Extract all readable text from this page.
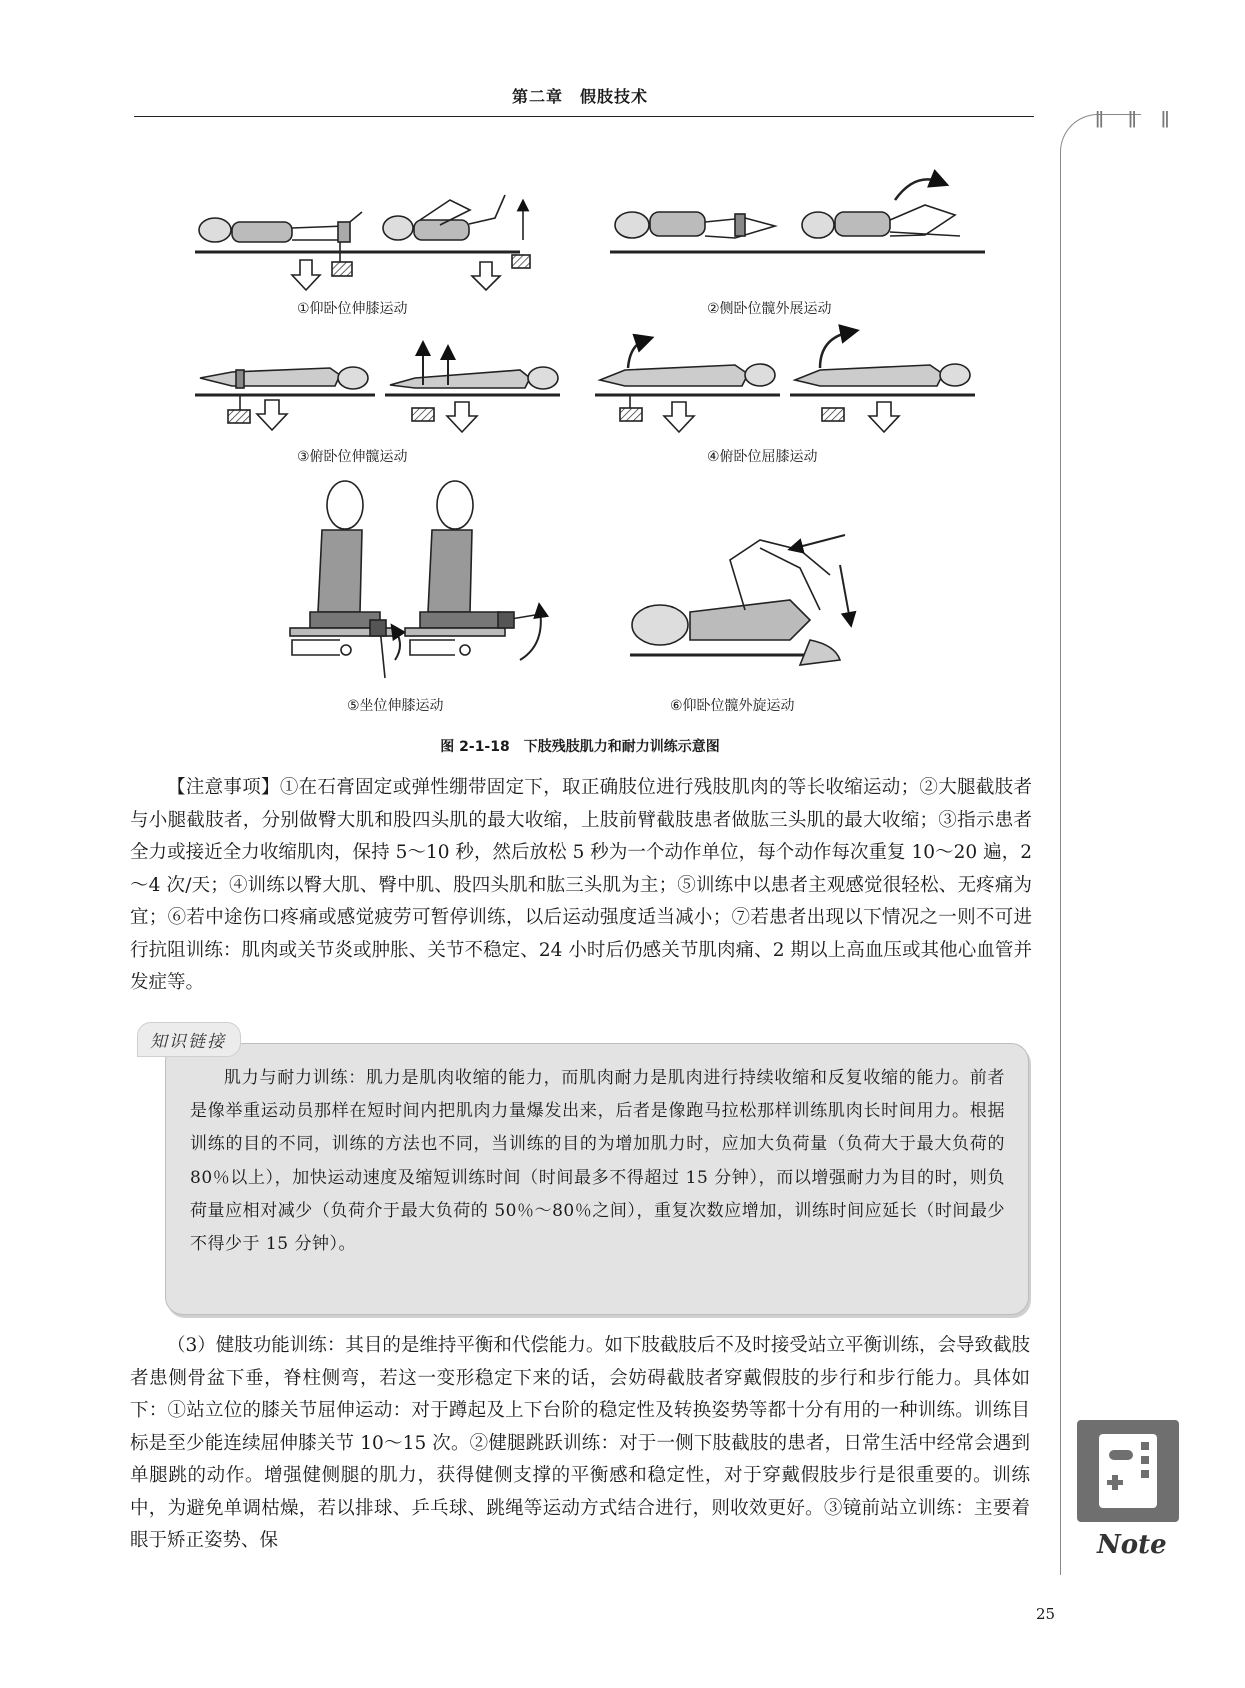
第二章　假肢技术
ǁ　ǁ　ǁ
①仰卧位伸膝运动	②侧卧位髋外展运动
③俯卧位伸髋运动	④俯卧位屈膝运动
⑤坐位伸膝运动	⑥仰卧位髋外旋运动
图 2-1-18　下肢残肢肌力和耐力训练示意图

【注意事项】①在石膏固定或弹性绷带固定下，取正确肢位进行残肢肌肉的等长收缩运动；②大腿截肢者与小腿截肢者，分别做臀大肌和股四头肌的最大收缩，上肢前臂截肢患者做肱三头肌的最大收缩；③指示患者全力或接近全力收缩肌肉，保持 5～10 秒，然后放松 5 秒为一个动作单位，每个动作每次重复 10～20 遍，2～4 次/天；④训练以臀大肌、臀中肌、股四头肌和肱三头肌为主；⑤训练中以患者主观感觉很轻松、无疼痛为宜；⑥若中途伤口疼痛或感觉疲劳可暂停训练，以后运动强度适当减小；⑦若患者出现以下情况之一则不可进行抗阻训练：肌肉或关节炎或肿胀、关节不稳定、24 小时后仍感关节肌肉痛、2 期以上高血压或其他心血管并发症等。

知识链接

肌力与耐力训练：肌力是肌肉收缩的能力，而肌肉耐力是肌肉进行持续收缩和反复收缩的能力。前者是像举重运动员那样在短时间内把肌肉力量爆发出来，后者是像跑马拉松那样训练肌肉长时间用力。根据训练的目的不同，训练的方法也不同，当训练的目的为增加肌力时，应加大负荷量（负荷大于最大负荷的 80％以上），加快运动速度及缩短训练时间（时间最多不得超过 15 分钟），而以增强耐力为目的时，则负荷量应相对减少（负荷介于最大负荷的 50％～80％之间），重复次数应增加，训练时间应延长（时间最少不得少于 15 分钟）。

（3）健肢功能训练：其目的是维持平衡和代偿能力。如下肢截肢后不及时接受站立平衡训练，会导致截肢者患侧骨盆下垂，脊柱侧弯，若这一变形稳定下来的话，会妨碍截肢者穿戴假肢的步行和步行能力。具体如下：①站立位的膝关节屈伸运动：对于蹲起及上下台阶的稳定性及转换姿势等都十分有用的一种训练。训练目标是至少能连续屈伸膝关节 10～15 次。②健腿跳跃训练：对于一侧下肢截肢的患者，日常生活中经常会遇到单腿跳的动作。增强健侧腿的肌力，获得健侧支撑的平衡感和稳定性，对于穿戴假肢步行是很重要的。训练中，为避免单调枯燥，若以排球、乒乓球、跳绳等运动方式结合进行，则收效更好。③镜前站立训练：主要着眼于矫正姿势、保	Note
25
